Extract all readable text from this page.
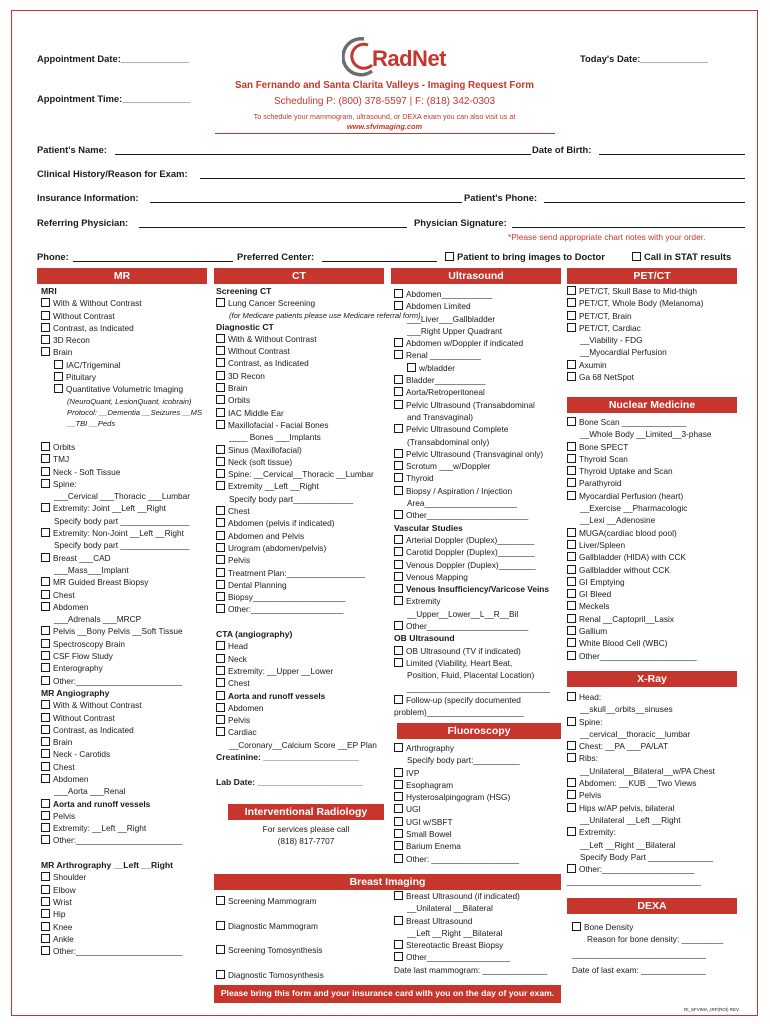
Appointment Date:_____________
Appointment Time:_____________
Today's Date:_____________
RadNet
San Fernando and Santa Clarita Valleys - Imaging Request Form
Scheduling P: (800) 378-5597 | F: (818) 342-0303
To schedule your mammogram, ultrasound, or DEXA exam you can also visit us at
www.sfvimaging.com
Patient's Name:	Date of Birth:
Clinical History/Reason for Exam:
Insurance Information:	Patient's Phone:
Referring Physician:	Physician Signature:
*Please send appropriate chart notes with your order.
Phone:	Preferred Center:	Patient to bring images to Doctor	Call in STAT results
MR	CT	Ultrasound	PET/CT
Nuclear Medicine
Interventional Radiology
Fluoroscopy
X-Ray
Breast Imaging
DEXA
MRI
With & Without Contrast
Without Contrast
Contrast, as Indicated
3D Recon
Brain
IAC/Trigeminal
Pituitary
Quantitative Volumetric Imaging
(NeuroQuant, LesionQuant, icobrain)
Protocol: __Dementia __Seizures __MS
__TBI __Peds
Orbits
TMJ
Neck - Soft Tissue
Spine:
___Cervical ___Thoracic ___Lumbar
Extremity: Joint __Left __Right
Specify body part _______________
Extremity: Non-Joint __Left __Right
Specify body part _______________
Breast ___CAD
___Mass___Implant
MR Guided Breast Biopsy
Chest
Abdomen
___Adrenals ___MRCP
Pelvis __Bony Pelvis __Soft Tissue
Spectroscopy Brain
CSF Flow Study
Enterography
Other:_______________________
MR Angiography
With & Without Contrast
Without Contrast
Contrast, as Indicated
Brain
Neck - Carotids
Chest
Abdomen
___Aorta ___Renal
Aorta and runoff vessels
Pelvis
Extremity: __Left __Right
Other:_______________________
MR Arthrography __Left __Right
Shoulder
Elbow
Wrist
Hip
Knee
Ankle
Other:_______________________
Screening CT
Lung Cancer Screening
(for Medicare patients please use Medicare referral form)
Diagnostic CT
With & Without Contrast
Without Contrast
Contrast, as Indicated
3D Recon
Brain
Orbits
IAC Middle Ear
Maxillofacial - Facial Bones
____ Bones ___Implants
Sinus (Maxillofacial)
Neck (soft tissue)
Spine: __Cervical__Thoracic __Lumbar
Extremity __Left __Right
Specify body part_____________
Chest
Abdomen (pelvis if indicated)
Abdomen and Pelvis
Urogram (abdomen/pelvis)
Pelvis
Treatment Plan:_________________
Dental Planning
Biopsy____________________
Other:____________________
CTA (angiography)
Head
Neck
Extremity: __Upper __Lower
Chest
Aorta and runoff vessels
Abdomen
Pelvis
Cardiac
__Coronary__Calcium Score __EP Plan
Creatinine: ____________________
Lab Date: ______________________
For services please call
(818) 817-7707
Abdomen___________
Abdomen Limited
___Liver___Gallbladder
___Right Upper Quadrant
Abdomen w/Doppler if indicated
Renal ___________
w/bladder
Bladder___________
Aorta/Retroperitoneal
Pelvic Ultrasound (Transabdominal
and Transvaginal)
Pelvic Ultrasound Complete
(Transabdominal only)
Pelvic Ultrasound (Transvaginal only)
Scrotum ___w/Doppler
Thyroid
Biopsy / Aspiration / Injection
Area____________________
Other______________________
Vascular Studies
Arterial Doppler (Duplex)________
Carotid Doppler (Duplex)________
Venous Doppler (Duplex)________
Venous Mapping
Venous Insufficiency/Varicose Veins
Extremity
__Upper__Lower__L__R__Bil
Other______________________
OB Ultrasound
OB Ultrasound (TV if indicated)
Limited (Viability, Heart Beat,
Position, Fluid, Placental Location)
_______________________________
Follow-up (specify documented
problem)_____________________
Arthrography
Specify body part:__________
IVP
Esophagram
Hysterosalpingogram (HSG)
UGI
UGI w/SBFT
Small Bowel
Barium Enema
Other: ___________________
PET/CT, Skull Base to Mid-thigh
PET/CT, Whole Body (Melanoma)
PET/CT, Brain
PET/CT, Cardiac
__Viability - FDG
__Myocardial Perfusion
Axumin
Ga 68 NetSpot
Bone Scan ______________
__Whole Body __Limited__3-phase
Bone SPECT
Thyroid Scan
Thyroid Uptake and Scan
Parathyroid
Myocardial Perfusion (heart)
__Exercise __Pharmacologic
__Lexi __Adenosine
MUGA(cardiac blood pool)
Liver/Spleen
Gallbladder (HIDA) with CCK
Gallbladder without CCK
GI Emptying
GI Bleed
Meckels
Renal __Captopril__Lasix
Gallium
White Blood Cell (WBC)
Other_____________________
Head:
__skull__orbits__sinuses
Spine:
__cervical__thoracic__lumbar
Chest: __PA ___PA/LAT
Ribs:
__Unilateral__Bilateral__w/PA Chest
Abdomen: __KUB __Two Views
Pelvis
Hips w/AP pelvis, bilateral
__Unilateral __Left __Right
Extremity:
__Left __Right __Bilateral
Specify Body Part ______________
Other:____________________
_____________________________
Breast Ultrasound (if indicated)
__Unilateral __Bilateral
Breast Ultrasound
__Left __Right __Bilateral
Stereotactic Breast Biopsy
Other__________________
Date last mammogram: ______________
Screening Mammogram
Diagnostic Mammogram
Screening Tomosynthesis
Diagnostic Tomosynthesis
Bone Density
Reason for bone density: _________
_____________________________
Date of last exam: ______________
Please bring this form and your insurance card with you on the day of your exam.
RI_SFVIMA_IRF(ROI) REV
